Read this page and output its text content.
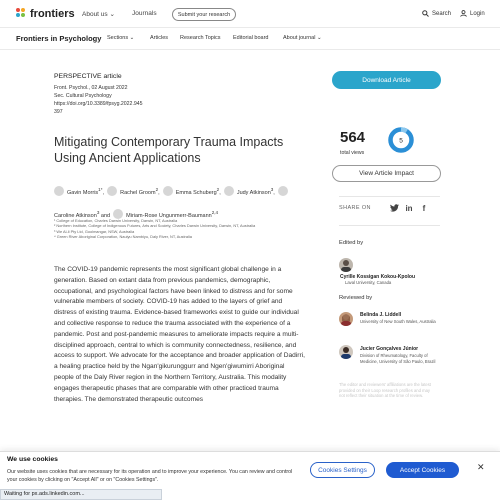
frontiers About us ⌄	Journals	Submit your research	Search	Login
Frontiers in Psychology Sections ⌄	Articles Research Topics Editorial board	About journal ⌄
PERSPECTIVE article
Front. Psychol., 02 August 2022
Sec. Cultural Psychology
https://doi.org/10.3389/fpsyg.2022.945
397
Mitigating Contemporary Trauma Impacts Using Ancient Applications
Gavin Morris$^{1*}$,  Rachel Groom$^2$,  Emma Schuberg$^2$,  Judy Atkinson$^3$,  Caroline Atkinson$^3$ and	Miriam-Rose Ungunmerr-Baumann$^{2,4}$
¹ College of Education, Charles Darwin University, Darwin, NT, Australia
² Northern Institute, College of Indigenous Futures, Arts and Society, Charles Darwin University, Darwin, NT, Australia
³ We Al-li Pty Ltd, Goolmangar, NSW, Australia
⁴ Green River Aboriginal Corporation, Nauiyu Nambiyu, Daly River, NT, Australia

The COVID-19 pandemic represents the most significant global challenge in a generation. Based on extant data from previous pandemics, demographic, occupational, and psychological factors have been linked to distress and for some vulnerable members of society. COVID-19 has added to the layers of grief and distress of existing trauma. Evidence-based frameworks exist to guide our individual and collective response to reduce the trauma associated with the experience of a pandemic. Post and post-pandemic measures to ameliorate impacts require a multi-disciplined approach, central to which is community connectedness, resilience, and access to support. We advocate for the acceptance and broader application of Dadirri, a healing practice held by the Ngan'gikurunggurr and Ngen'giwumirri Aboriginal people of the Daly River region in the Northern Territory, Australia. This modality engages therapeutic phases that are comparable with other practiced trauma therapies. The demonstrated therapeutic outcomes

Download Article
564
total views
5
View Article Impact
SHARE ON	in	f
Edited by
Cyrille Kossigan Kokou-Kpolou
Laval University, Canada
Reviewed by
Belinda J. Liddell
University of New South Wales, Australia
Jucier Gonçalves Júnior
Division of Rheumatology, Faculty of Medicine, University of São Paulo, Brazil
The editor and reviewers' affiliations are the latest provided on their Loop research profiles and may not reflect their situation at the time of review.
We use cookies
Our website uses cookies that are necessary for its operation and to improve your experience. You can review and control your cookies by clicking on "Accept All" or on "Cookies Settings".
Cookies Settings	Accept Cookies	✕
Waiting for px.ads.linkedin.com...
